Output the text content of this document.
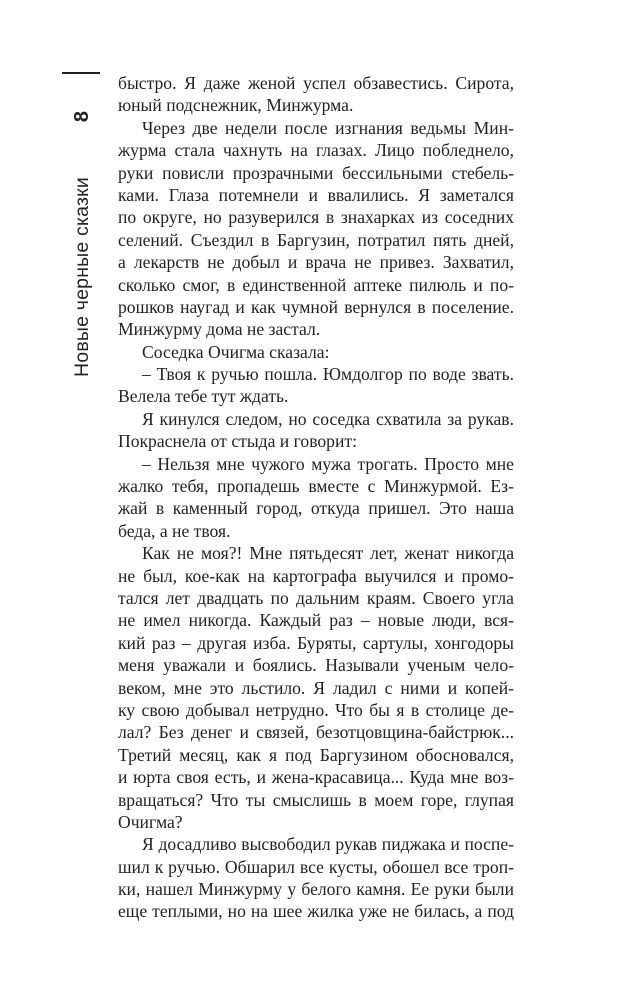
Новые черные сказки
8
быстро. Я даже женой успел обзавестись. Сирота,
юный подснежник, Минжурма.
Через две недели после изгнания ведьмы Мин-
журма стала чахнуть на глазах. Лицо побледнело,
руки повисли прозрачными бессильными стебель-
ками. Глаза потемнели и ввалились. Я заметался
по округе, но разуверился в знахарках из соседних
селений. Съездил в Баргузин, потратил пять дней,
а лекарств не добыл и врача не привез. Захватил,
сколько смог, в единственной аптеке пилюль и по-
рошков наугад и как чумной вернулся в поселение.
Минжурму дома не застал.
Соседка Очигма сказала:
– Твоя к ручью пошла. Юмдолгор по воде звать.
Велела тебе тут ждать.
Я кинулся следом, но соседка схватила за рукав.
Покраснела от стыда и говорит:
– Нельзя мне чужого мужа трогать. Просто мне
жалко тебя, пропадешь вместе с Минжурмой. Ез-
жай в каменный город, откуда пришел. Это наша
беда, а не твоя.
Как не моя?! Мне пятьдесят лет, женат никогда
не был, кое-как на картографа выучился и промо-
тался лет двадцать по дальним краям. Своего угла
не имел никогда. Каждый раз – новые люди, вся-
кий раз – другая изба. Буряты, сартулы, хонгодоры
меня уважали и боялись. Называли ученым чело-
веком, мне это льстило. Я ладил с ними и копей-
ку свою добывал нетрудно. Что бы я в столице де-
лал? Без денег и связей, безотцовщина-байстрюк...
Третий месяц, как я под Баргузином обосновался,
и юрта своя есть, и жена-красавица... Куда мне воз-
вращаться? Что ты смыслишь в моем горе, глупая
Очигма?
Я досадливо высвободил рукав пиджака и поспе-
шил к ручью. Обшарил все кусты, обошел все троп-
ки, нашел Минжурму у белого камня. Ее руки были
еще теплыми, но на шее жилка уже не билась, а под
